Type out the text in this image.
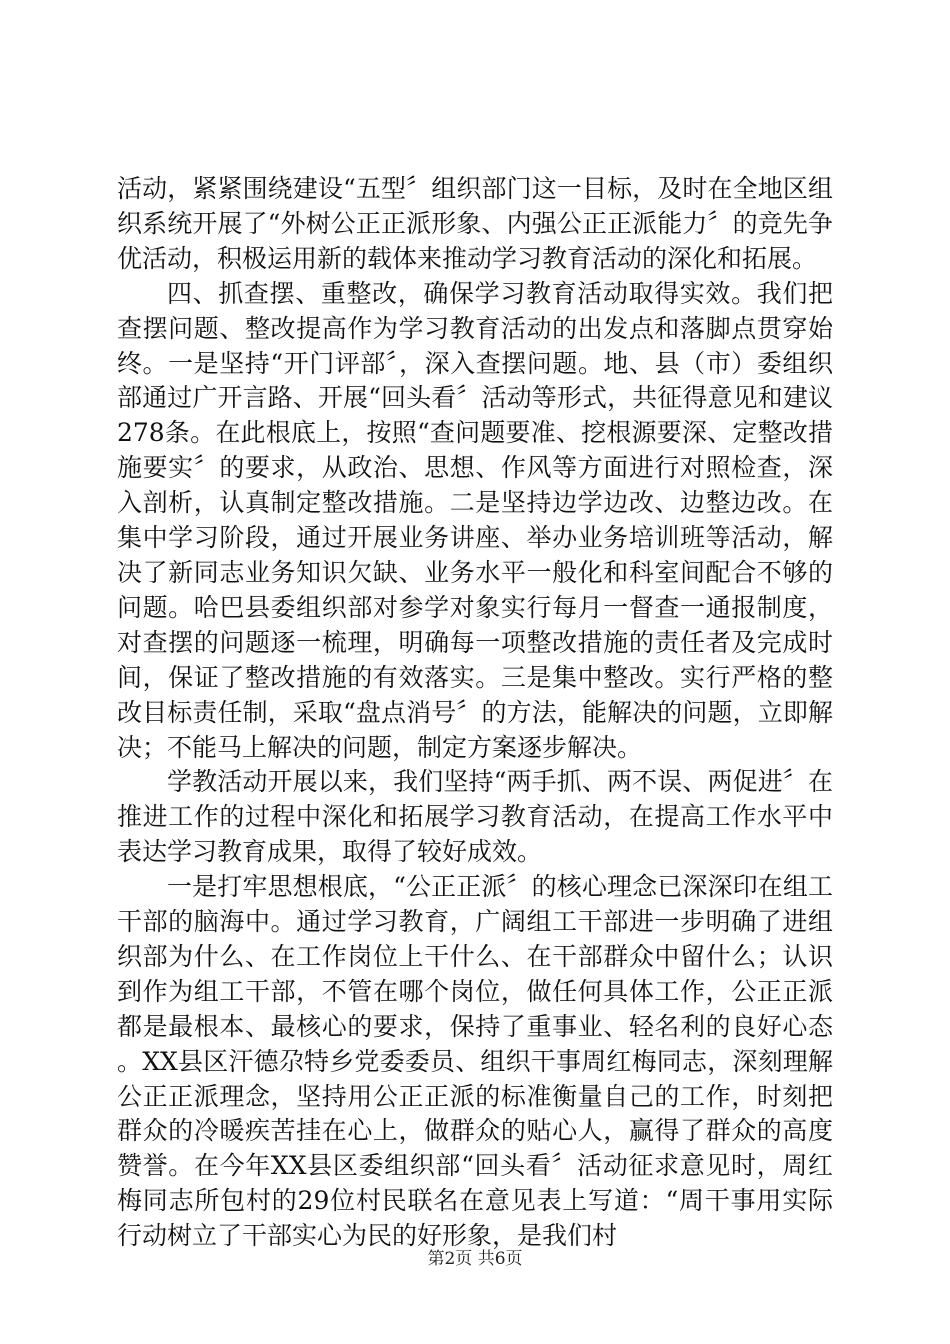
活动，紧紧围绕建设“五型〞组织部门这一目标，及时在全地区组织系统开展了“外树公正正派形象、内强公正正派能力〞的竞先争优活动，积极运用新的载体来推动学习教育活动的深化和拓展。

四、抓查摆、重整改，确保学习教育活动取得实效。我们把查摆问题、整改提高作为学习教育活动的出发点和落脚点贯穿始终。一是坚持“开门评部〞，深入查摆问题。地、县（市）委组织部通过广开言路、开展“回头看〞活动等形式，共征得意见和建议278条。在此根底上，按照“查问题要准、挖根源要深、定整改措施要实〞的要求，从政治、思想、作风等方面进行对照检查，深入剖析，认真制定整改措施。二是坚持边学边改、边整边改。在集中学习阶段，通过开展业务讲座、举办业务培训班等活动，解决了新同志业务知识欠缺、业务水平一般化和科室间配合不够的问题。哈巴县委组织部对参学对象实行每月一督查一通报制度，对查摆的问题逐一梳理，明确每一项整改措施的责任者及完成时间，保证了整改措施的有效落实。三是集中整改。实行严格的整改目标责任制，采取“盘点消号〞的方法，能解决的问题，立即解决；不能马上解决的问题，制定方案逐步解决。

学教活动开展以来，我们坚持“两手抓、两不误、两促进〞在推进工作的过程中深化和拓展学习教育活动，在提高工作水平中表达学习教育成果，取得了较好成效。

一是打牢思想根底，“公正正派〞的核心理念已深深印在组工干部的脑海中。通过学习教育，广阔组工干部进一步明确了进组织部为什么、在工作岗位上干什么、在干部群众中留什么；认识到作为组工干部，不管在哪个岗位，做任何具体工作，公正正派都是最根本、最核心的要求，保持了重事业、轻名利的良好心态。XX县区汗德尕特乡党委委员、组织干事周红梅同志，深刻理解公正正派理念，坚持用公正正派的标准衡量自己的工作，时刻把群众的冷暖疾苦挂在心上，做群众的贴心人，赢得了群众的高度赞誉。在今年XX县区委组织部“回头看〞活动征求意见时，周红梅同志所包村的29位村民联名在意见表上写道：“周干事用实际行动树立了干部实心为民的好形象，是我们村

第2页 共6页
